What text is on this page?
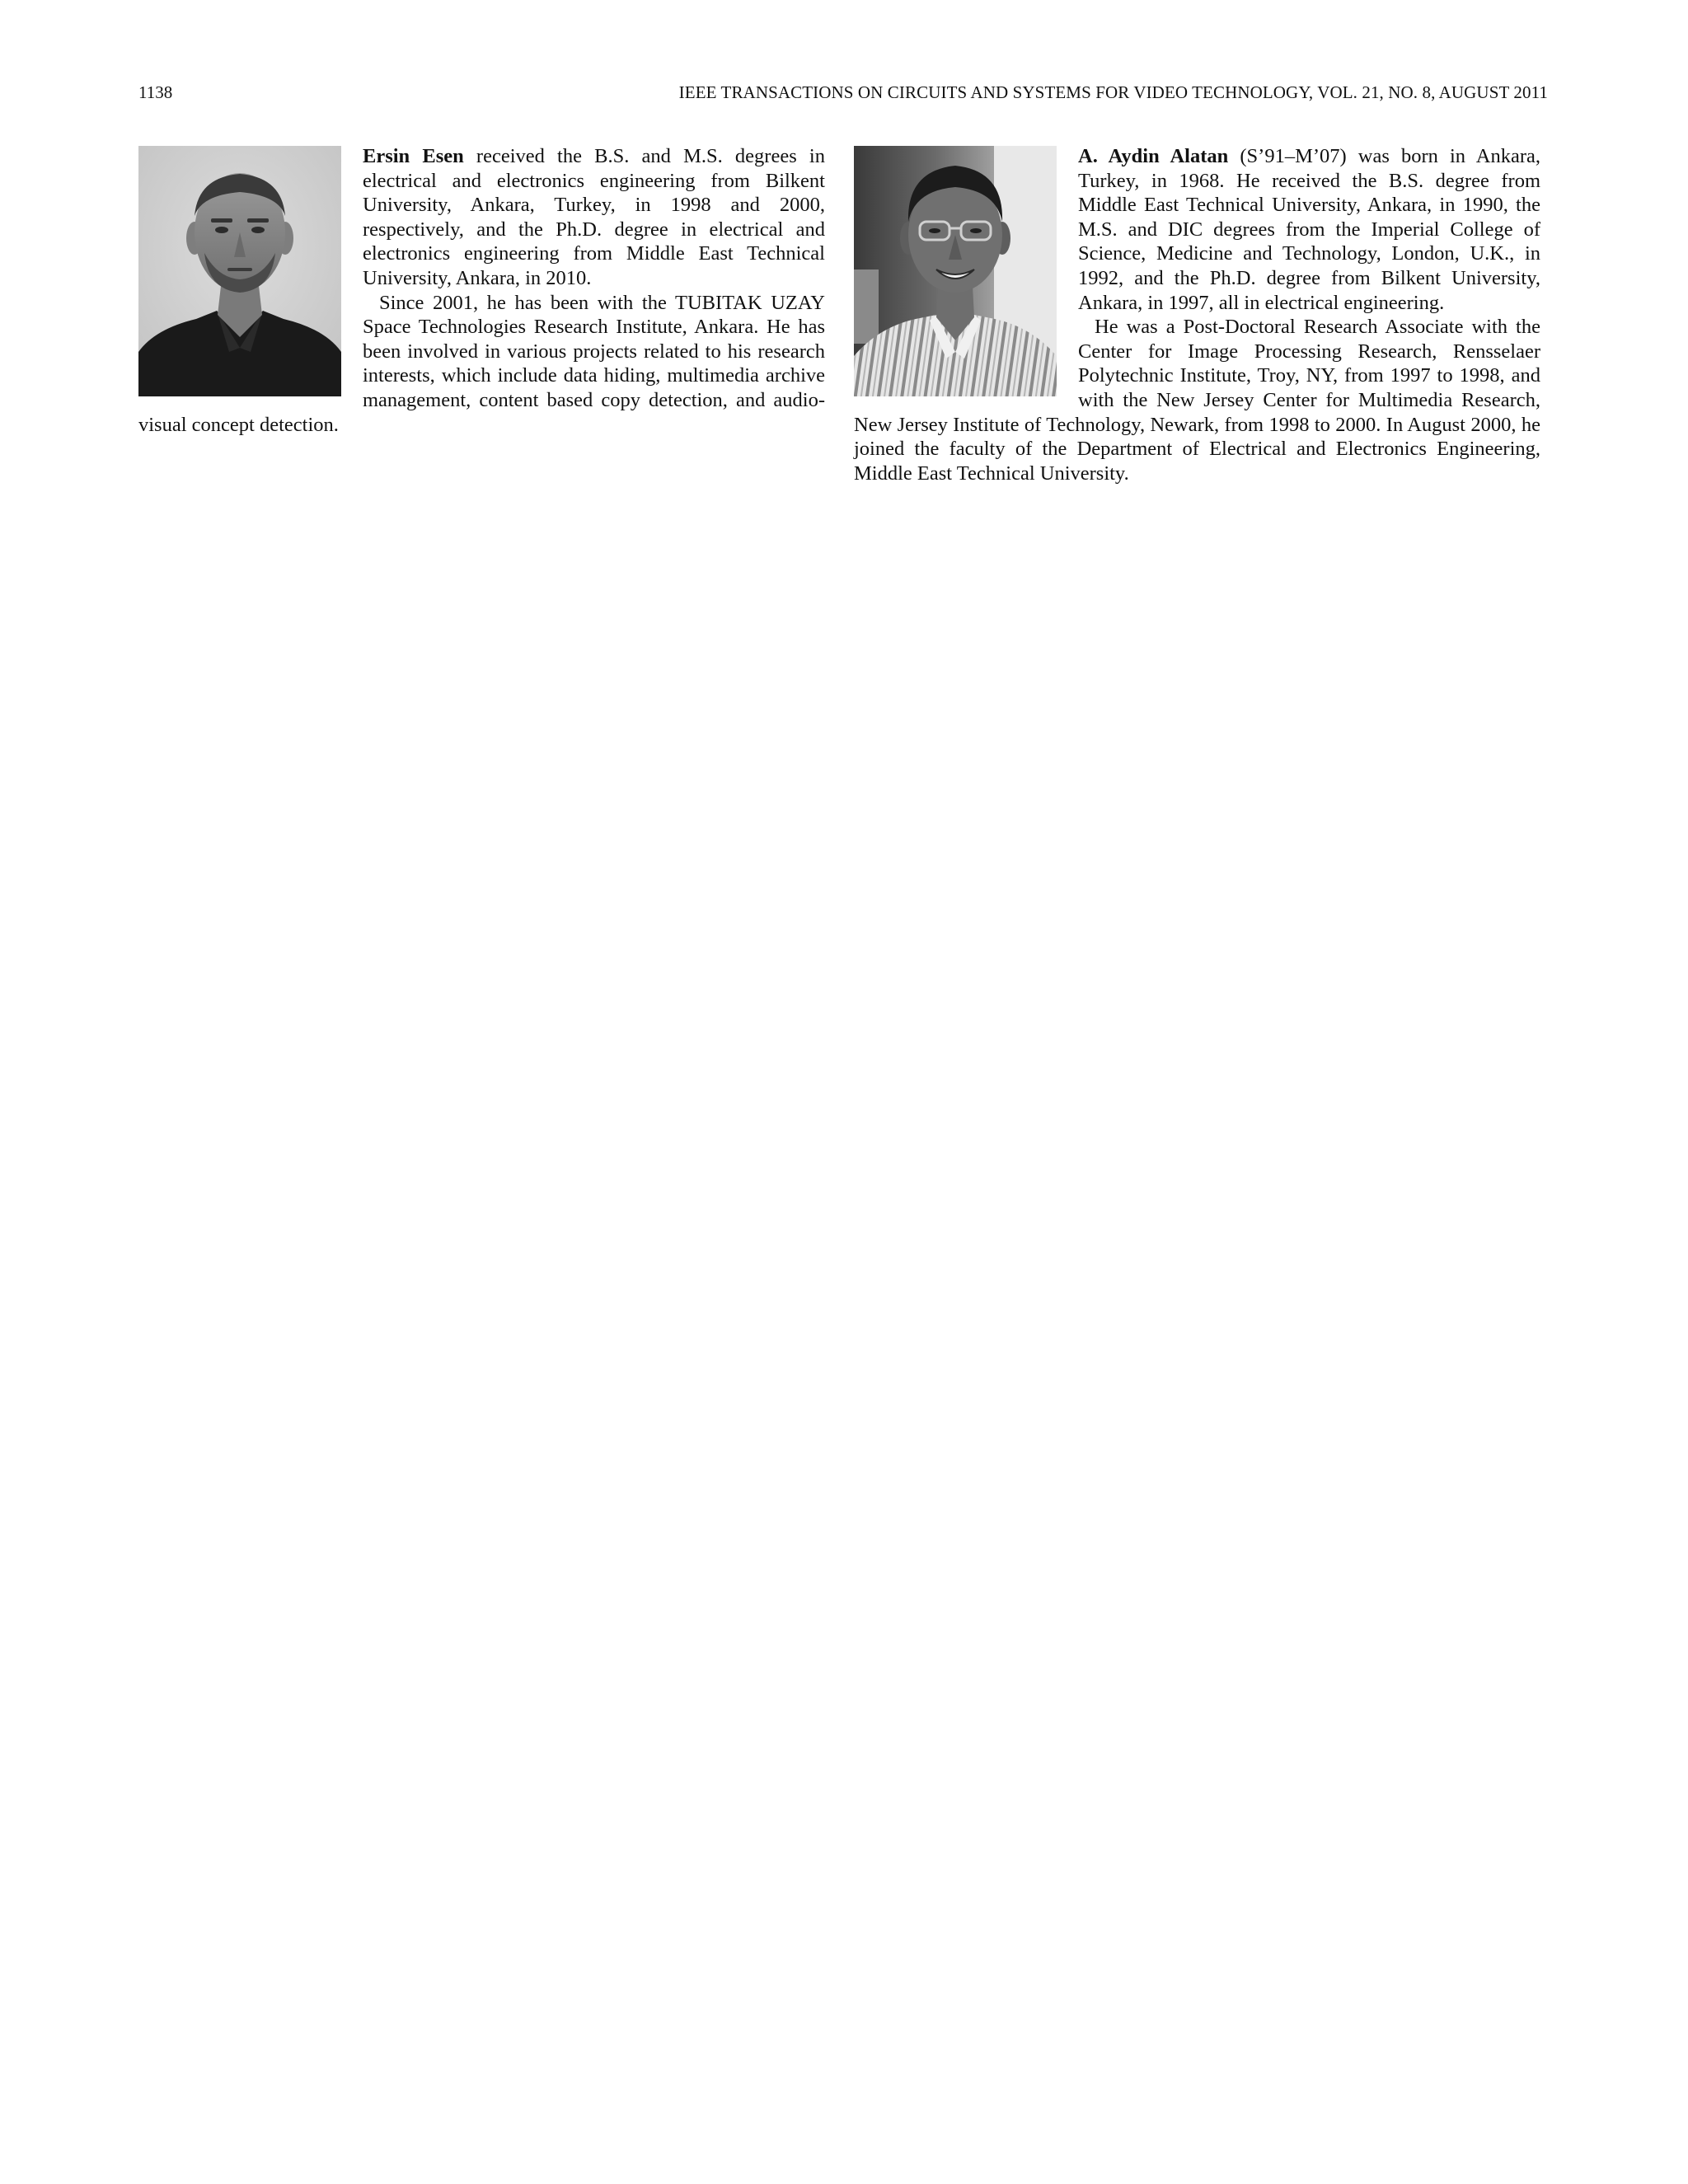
1138	IEEE TRANSACTIONS ON CIRCUITS AND SYSTEMS FOR VIDEO TECHNOLOGY, VOL. 21, NO. 8, AUGUST 2011

Ersin Esen received the B.S. and M.S. degrees in electrical and electronics engineering from Bilkent University, Ankara, Turkey, in 1998 and 2000, respectively, and the Ph.D. degree in electrical and electronics engineering from Middle East Technical University, Ankara, in 2010.

Since 2001, he has been with the TUBITAK UZAY Space Technologies Research Institute, Ankara. He has been involved in various projects related to his research interests, which include data hiding, multimedia archive management, content based copy detection, and audio-visual concept detection.

A. Aydin Alatan (S’91–M’07) was born in Ankara, Turkey, in 1968. He received the B.S. degree from Middle East Technical University, Ankara, in 1990, the M.S. and DIC degrees from the Imperial College of Science, Medicine and Technology, London, U.K., in 1992, and the Ph.D. degree from Bilkent University, Ankara, in 1997, all in electrical engineering.

He was a Post-Doctoral Research Associate with the Center for Image Processing Research, Rensselaer Polytechnic Institute, Troy, NY, from 1997 to 1998, and with the New Jersey Center for Multimedia Research, New Jersey Institute of Technology, Newark, from 1998 to 2000. In August 2000, he joined the faculty of the Department of Electrical and Electronics Engineering, Middle East Technical University.
